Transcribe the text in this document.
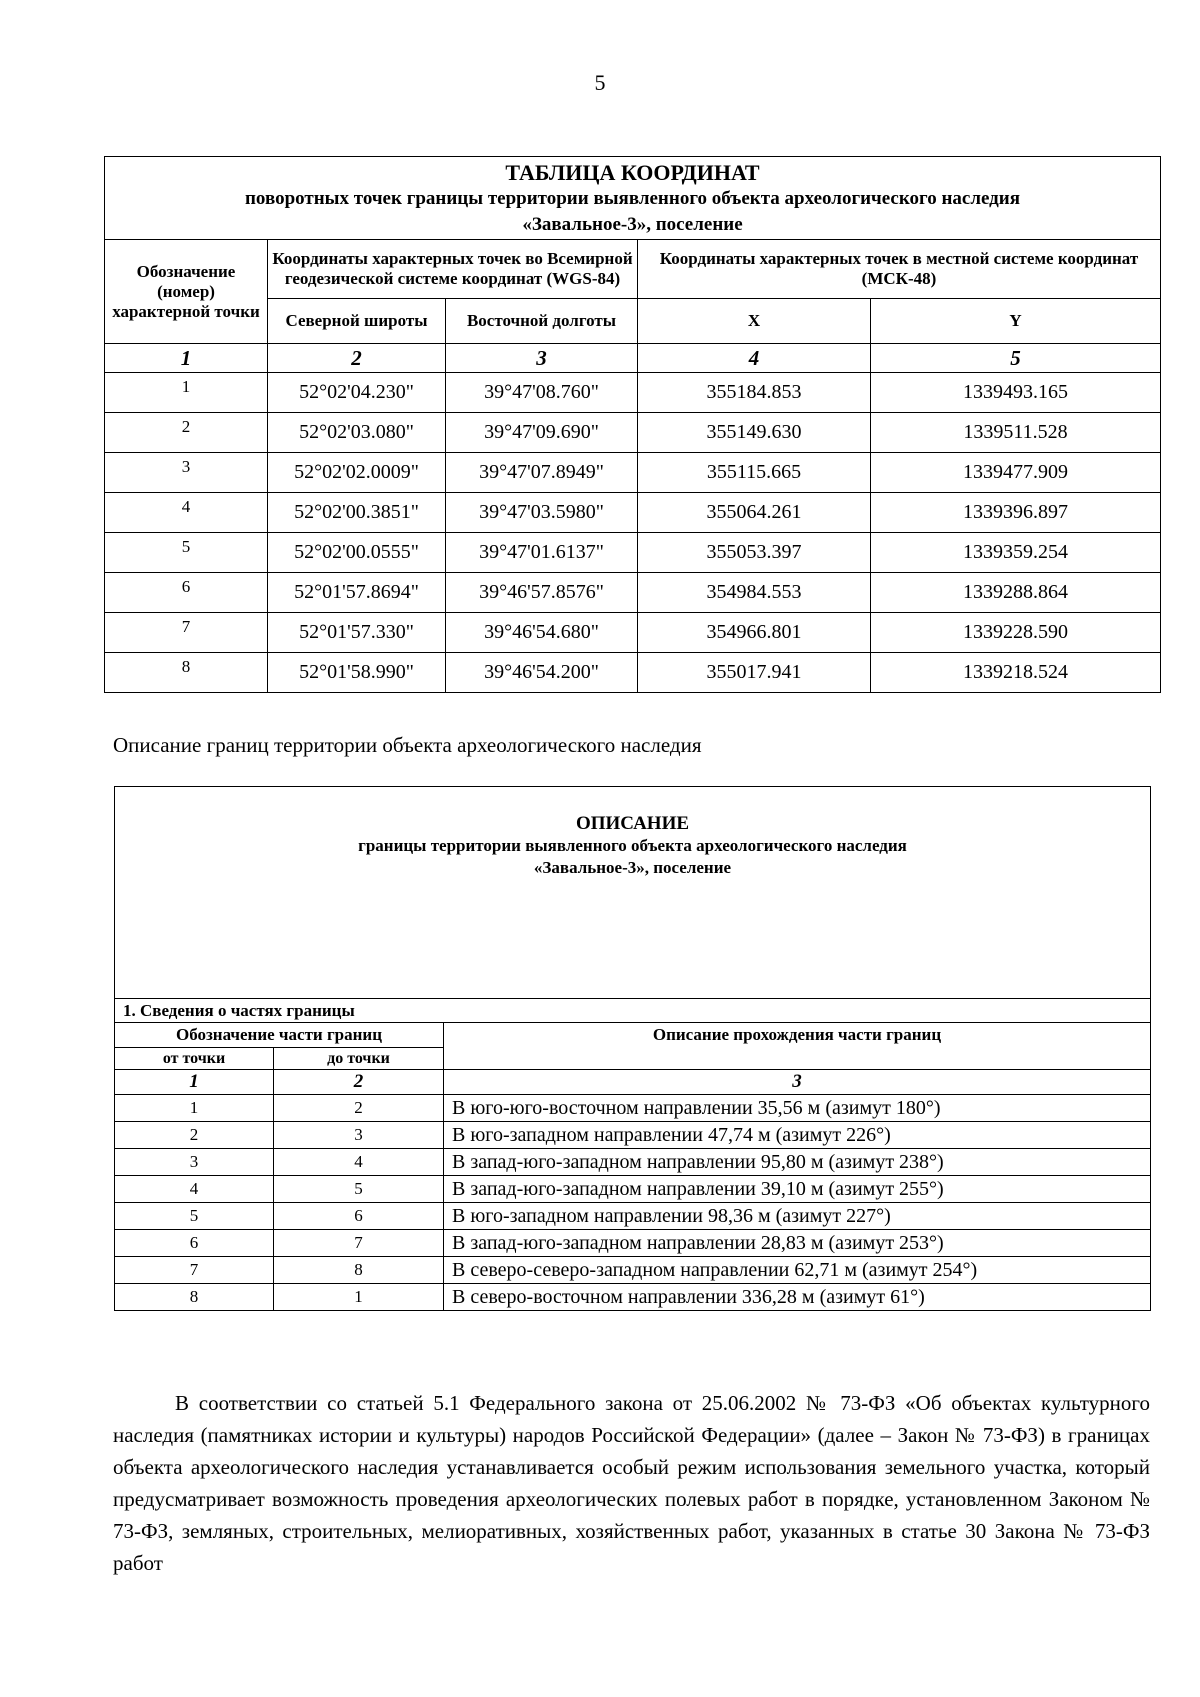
5
ТАБЛИЦА КООРДИНАТ
поворотных точек границы территории выявленного объекта археологического наследия
«Завальное-3», поселение				

Обозначение (номер) характерной точки	Координаты характерных точек во Всемирной геодезической системе координат (WGS-84)		Координаты характерных точек в местной системе координат (МСК-48)	
	Северной широты	Восточной долготы	X	Y
1	2	3	4	5
1	52°02'04.230"	39°47'08.760"	355184.853	1339493.165
2	52°02'03.080"	39°47'09.690"	355149.630	1339511.528
3	52°02'02.0009"	39°47'07.8949"	355115.665	1339477.909
4	52°02'00.3851"	39°47'03.5980"	355064.261	1339396.897
5	52°02'00.0555"	39°47'01.6137"	355053.397	1339359.254
6	52°01'57.8694"	39°46'57.8576"	354984.553	1339288.864
7	52°01'57.330"	39°46'54.680"	354966.801	1339228.590
8	52°01'58.990"	39°46'54.200"	355017.941	1339218.524
Описание границ территории объекта археологического наследия
ОПИСАНИЕ
границы территории выявленного объекта археологического наследия
«Завальное-3», поселение		

1. Сведения о частях границы		
Обозначение части границ		Описание прохождения части границ
от точки	до точки	
1	2	3
1	2	В юго-юго-восточном направлении 35,56 м (азимут 180°)
2	3	В юго-западном направлении 47,74 м (азимут 226°)
3	4	В запад-юго-западном направлении 95,80 м (азимут 238°)
4	5	В запад-юго-западном направлении 39,10 м (азимут 255°)
5	6	В юго-западном направлении 98,36 м (азимут 227°)
6	7	В запад-юго-западном направлении 28,83 м (азимут 253°)
7	8	В северо-северо-западном направлении 62,71 м (азимут 254°)
8	1	В северо-восточном направлении 336,28 м (азимут 61°)

В соответствии со статьей 5.1 Федерального закона от 25.06.2002 № 73-ФЗ «Об объектах культурного наследия (памятниках истории и культуры) народов Российской Федерации» (далее – Закон № 73-ФЗ) в границах объекта археологического наследия устанавливается особый режим использования земельного участка, который предусматривает возможность проведения археологических полевых работ в порядке, установленном Законом № 73-ФЗ, земляных, строительных, мелиоративных, хозяйственных работ, указанных в статье 30 Закона № 73-ФЗ работ
